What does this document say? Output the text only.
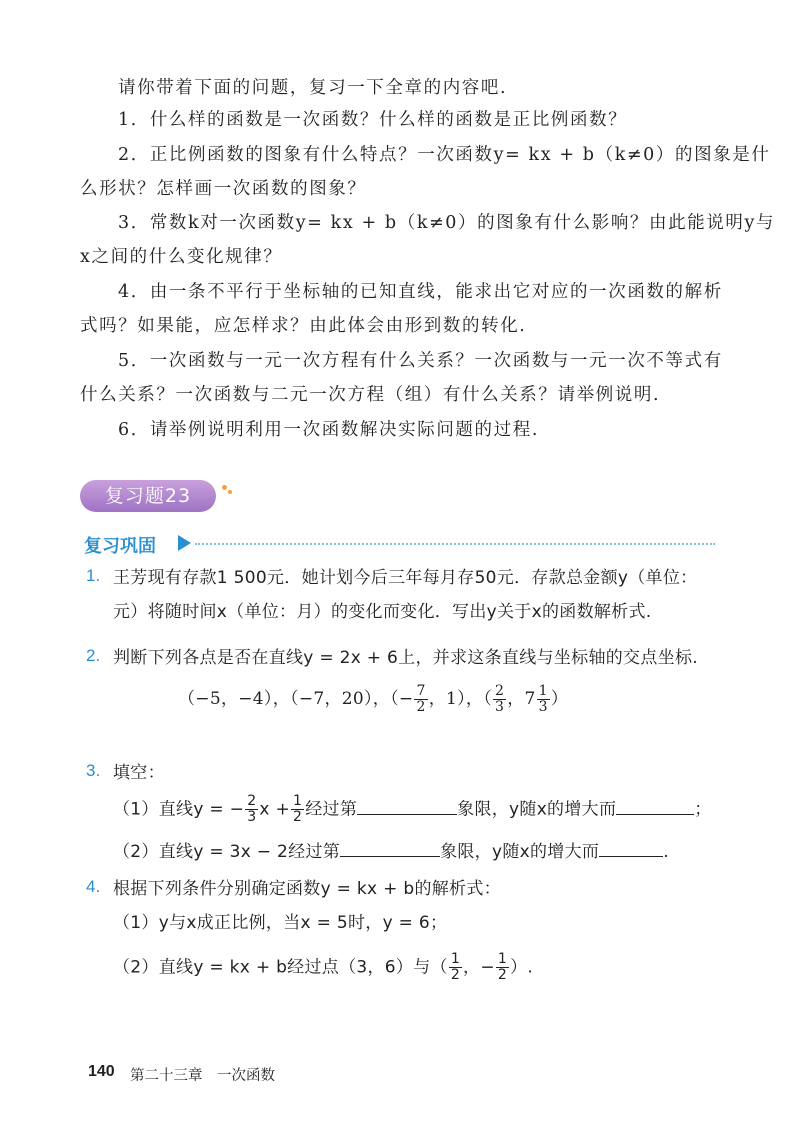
请你带着下面的问题，复习一下全章的内容吧.
1．什么样的函数是一次函数？什么样的函数是正比例函数？
2．正比例函数的图象有什么特点？一次函数y= kx + b（k≠0）的图象是什
么形状？怎样画一次函数的图象？
3．常数k对一次函数y= kx + b（k≠0）的图象有什么影响？由此能说明y与
x之间的什么变化规律？
4．由一条不平行于坐标轴的已知直线，能求出它对应的一次函数的解析
式吗？如果能，应怎样求？由此体会由形到数的转化.
5．一次函数与一元一次方程有什么关系？一次函数与一元一次不等式有
什么关系？一次函数与二元一次方程（组）有什么关系？请举例说明.
6．请举例说明利用一次函数解决实际问题的过程.
复习题23
复习巩固
1. 王芳现有存款1 500元．她计划今后三年每月存50元．存款总金额y（单位：
元）将随时间x（单位：月）的变化而变化．写出y关于x的函数解析式.
2. 判断下列各点是否在直线y = 2x + 6上，并求这条直线与坐标轴的交点坐标.
（−5，−4），（−7，20），（− $\frac{7}{2}$ ，1），（ $\frac{2}{3}$ ，$7 \frac{1}{3}$ ）
3. 填空：
（1）直线y = − $\frac{2}{3}$ $x + \frac{1}{2}$ 经过第	象限，y随x的增大而	；
（2）直线y = 3x − 2经过第	象限，y随x的增大而	.
4. 根据下列条件分别确定函数y = kx + b的解析式：
（1）y与x成正比例，当x = 5时，y = 6；
（2）直线y = kx + b经过点（3，6）与（ $\frac{1}{2}$ ，− $\frac{1}{2}$ ）.
140 第二十三章　一次函数
